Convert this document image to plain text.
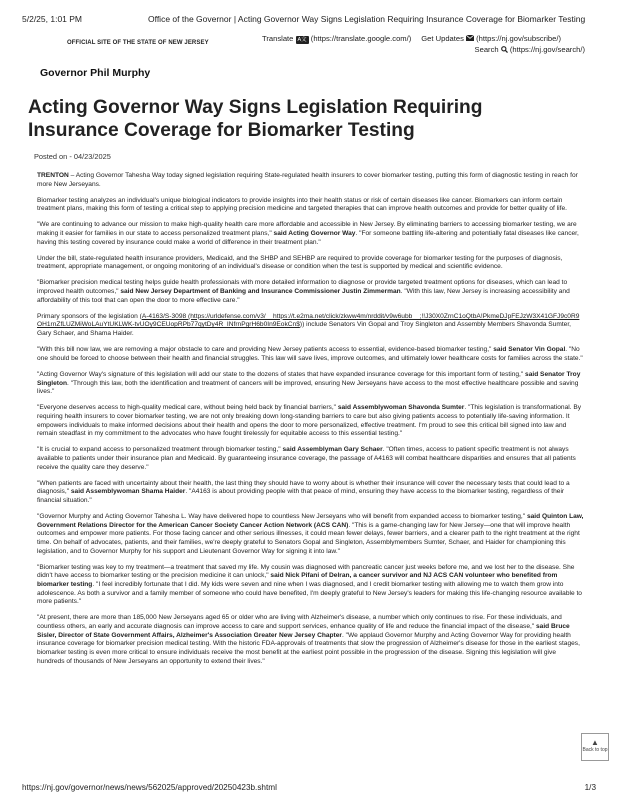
5/2/25, 1:01 PM	Office of the Governor | Acting Governor Way Signs Legislation Requiring Insurance Coverage for Biomarker Testing
OFFICIAL SITE OF THE STATE OF NEW JERSEY	Translate A文 (https://translate.google.com/) Get Updates (https://nj.gov/subscribe/)
Search (https://nj.gov/search/)
Governor Phil Murphy
Acting Governor Way Signs Legislation Requiring Insurance Coverage for Biomarker Testing
Posted on - 04/23/2025

TRENTON – Acting Governor Tahesha Way today signed legislation requiring State-regulated health insurers to cover biomarker testing, putting this form of diagnostic testing in reach for more New Jerseyans.

Biomarker testing analyzes an individual's unique biological indicators to provide insights into their health status or risk of certain diseases like cancer. Biomarkers can inform certain treatment plans, making this form of testing a critical step to applying precision medicine and targeted therapies that can improve health outcomes and provide for better quality of life.

"We are continuing to advance our mission to make high-quality health care more affordable and accessible in New Jersey. By eliminating barriers to accessing biomarker testing, we are making it easier for families in our state to access personalized treatment plans," said Acting Governor Way. "For someone battling life-altering and potentially fatal diseases like cancer, having this testing covered by insurance could make a world of difference in their treatment plan."

Under the bill, state-regulated health insurance providers, Medicaid, and the SHBP and SEHBP are required to provide coverage for biomarker testing for the purposes of diagnosis, treatment, appropriate management, or ongoing monitoring of an individual's disease or condition when the test is supported by medical and scientific evidence.

"Biomarker precision medical testing helps guide health professionals with more detailed information to diagnose or provide targeted treatment options for diseases, which can lead to improved health outcomes," said New Jersey Department of Banking and Insurance Commissioner Justin Zimmerman. "With this law, New Jersey is increasing accessibility and affordability of this tool that can open the door to more effective care."

Primary sponsors of the legislation (A-4163/S-3098 (https://urldefense.com/v3/__https://t.e2ma.net/click/zkww4m/nrddit/v9w6ubb__;!!J30X0ZrnC1oQtbA!PkmeDJpFEJzW3X41GFJ9c0R9OH1rnZfLUZMiWoLAuYtUKLWK-tvUOy9CEUopRPb77qytDy4R_INfrnPgrH6b0In9EokCn$)) include Senators Vin Gopal and Troy Singleton and Assembly Members Shavonda Sumter, Gary Schaer, and Shama Haider.

"With this bill now law, we are removing a major obstacle to care and providing New Jersey patients access to essential, evidence-based biomarker testing," said Senator Vin Gopal. "No one should be forced to choose between their health and financial struggles. This law will save lives, improve outcomes, and ultimately lower healthcare costs for families across the state."

"Acting Governor Way's signature of this legislation will add our state to the dozens of states that have expanded insurance coverage for this important form of testing," said Senator Troy Singleton. "Through this law, both the identification and treatment of cancers will be improved, ensuring New Jerseyans have access to the most effective healthcare possible and saving lives."

"Everyone deserves access to high-quality medical care, without being held back by financial barriers," said Assemblywoman Shavonda Sumter. "This legislation is transformational. By requiring health insurers to cover biomarker testing, we are not only breaking down long-standing barriers to care but also giving patients access to potentially life-saving information. It empowers individuals to make informed decisions about their health and opens the door to more personalized, effective treatment. I'm proud to see this critical bill signed into law and remain steadfast in my commitment to the advocates who have fought tirelessly for equitable access to this essential testing."

"It is crucial to expand access to personalized treatment through biomarker testing," said Assemblyman Gary Schaer. "Often times, access to patient specific treatment is not always available to patients under their insurance plan and Medicaid. By guaranteeing insurance coverage, the passage of A4163 will combat healthcare disparities and ensures that all patients receive the quality care they deserve."

"When patients are faced with uncertainty about their health, the last thing they should have to worry about is whether their insurance will cover the necessary tests that could lead to a diagnosis," said Assemblywoman Shama Haider. "A4163 is about providing people with that peace of mind, ensuring they have access to the biomarker testing, regardless of their financial situation."

"Governor Murphy and Acting Governor Tahesha L. Way have delivered hope to countless New Jerseyans who will benefit from expanded access to biomarker testing," said Quinton Law, Government Relations Director for the American Cancer Society Cancer Action Network (ACS CAN). "This is a game-changing law for New Jersey—one that will improve health outcomes and empower more patients. For those facing cancer and other serious illnesses, it could mean fewer delays, fewer barriers, and a clearer path to the right treatment at the right time. On behalf of advocates, patients, and their families, we're deeply grateful to Senators Gopal and Singleton, Assemblymembers Sumter, Schaer, and Haider for championing this legislation, and to Governor Murphy for his support and Lieutenant Governor Way for signing it into law."

"Biomarker testing was key to my treatment—a treatment that saved my life. My cousin was diagnosed with pancreatic cancer just weeks before me, and we lost her to the disease. She didn't have access to biomarker testing or the precision medicine it can unlock," said Nick Pifani of Delran, a cancer survivor and NJ ACS CAN volunteer who benefited from biomarker testing. "I feel incredibly fortunate that I did. My kids were seven and nine when I was diagnosed, and I credit biomarker testing with allowing me to watch them grow into adolescence. As both a survivor and a family member of someone who could have benefited, I'm deeply grateful to New Jersey's leaders for making this life-changing resource available to more patients."

"At present, there are more than 185,000 New Jerseyans aged 65 or older who are living with Alzheimer's disease, a number which only continues to rise. For these individuals, and countless others, an early and accurate diagnosis can improve access to care and support services, enhance quality of life and reduce the financial impact of the disease," said Bruce Sisler, Director of State Government Affairs, Alzheimer's Association Greater New Jersey Chapter. "We applaud Governor Murphy and Acting Governor Way for providing health insurance coverage for biomarker precision medical testing. With the historic FDA-approvals of treatments that slow the progression of Alzheimer's disease for those in the earliest stages, biomarker testing is even more critical to ensure individuals receive the most benefit at the earliest point possible in the progression of the disease. Signing this legislation will give hundreds of thousands of New Jerseyans an opportunity to extend their lives."

▲
Back to top
https://nj.gov/governor/news/news/562025/approved/20250423b.shtml	1/3
